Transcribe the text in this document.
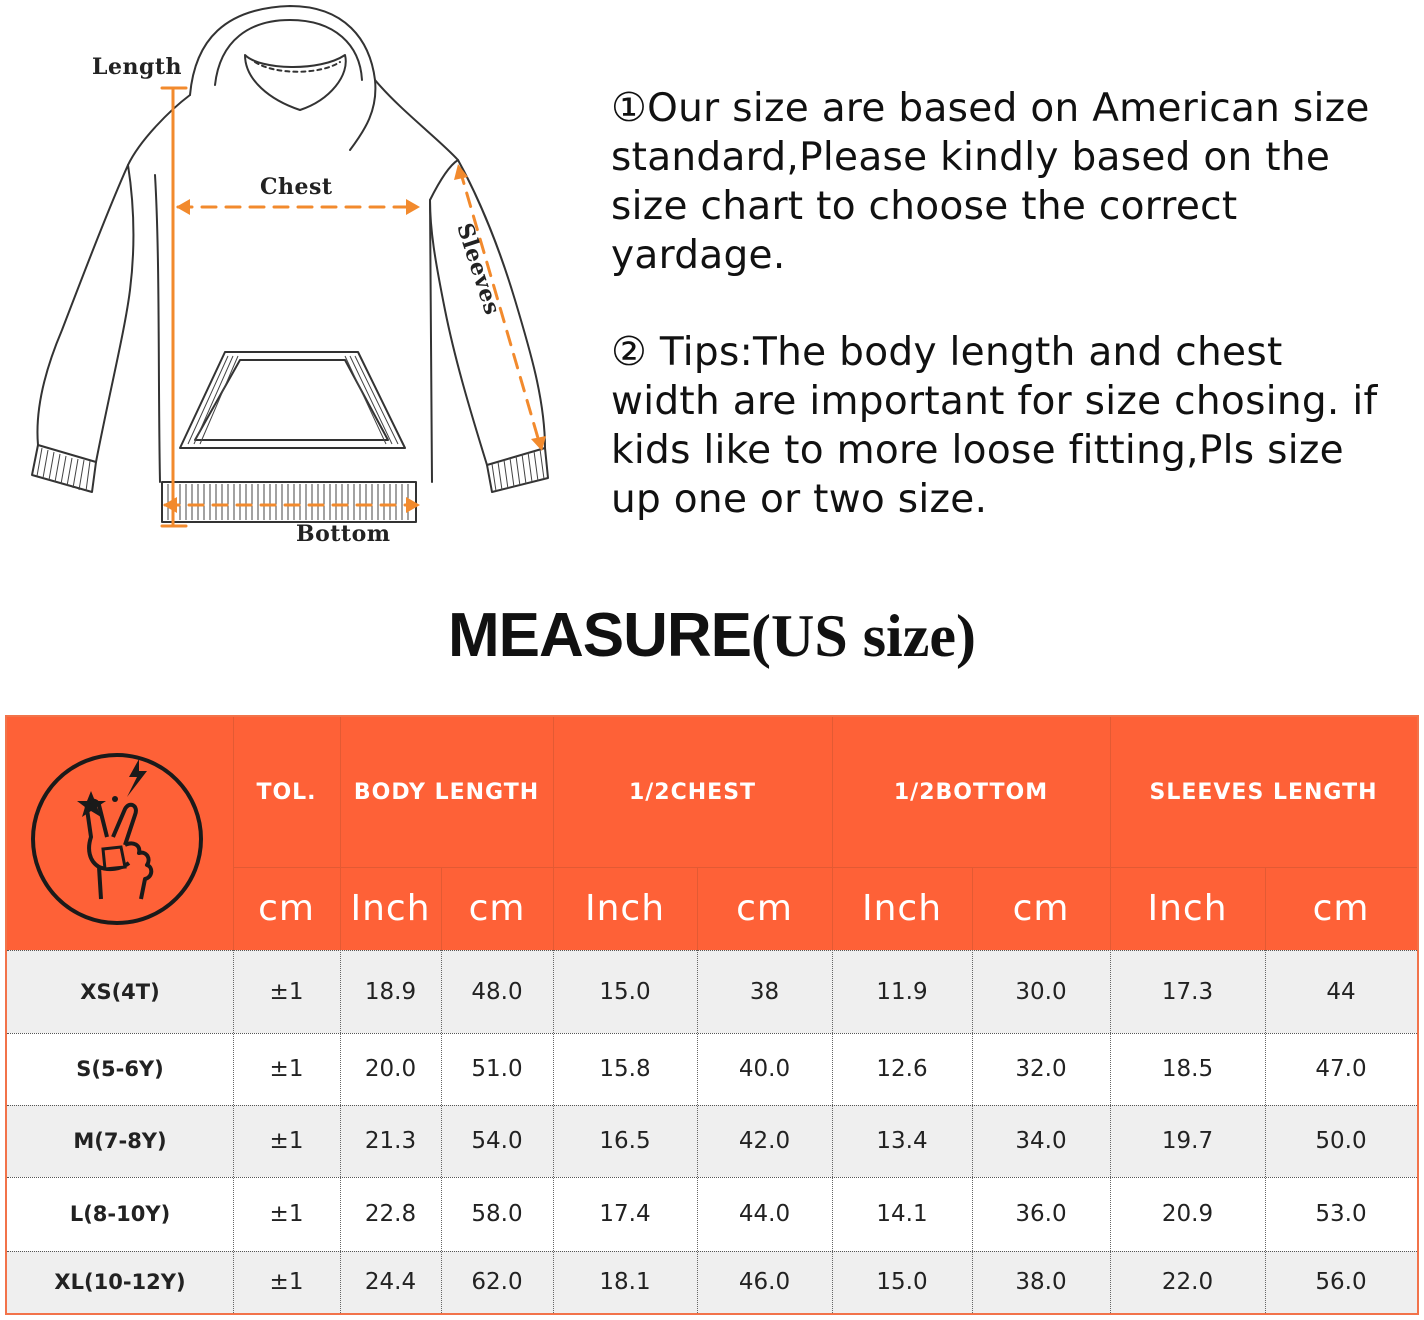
Length
Chest
Sleeves
Bottom
①Our size are based on American size standard,Please kindly based on the size chart to choose the correct yardage.
② Tips:The body length and chest width are important for size chosing. if kids like to more loose fitting,Pls size up one or two size.
MEASURE(US size)
TOL.
cm
BODY LENGTH
Inch	cm
1/2CHEST
Inch	cm
1/2BOTTOM
Inch	cm
SLEEVES LENGTH
Inch	cm
XS(4T)	±1	18.9	48.0	15.0	38	11.9	30.0	17.3	44
S(5-6Y)	±1	20.0	51.0	15.8	40.0	12.6	32.0	18.5	47.0
M(7-8Y)	±1	21.3	54.0	16.5	42.0	13.4	34.0	19.7	50.0
L(8-10Y)	±1	22.8	58.0	17.4	44.0	14.1	36.0	20.9	53.0
XL(10-12Y)	±1	24.4	62.0	18.1	46.0	15.0	38.0	22.0	56.0
